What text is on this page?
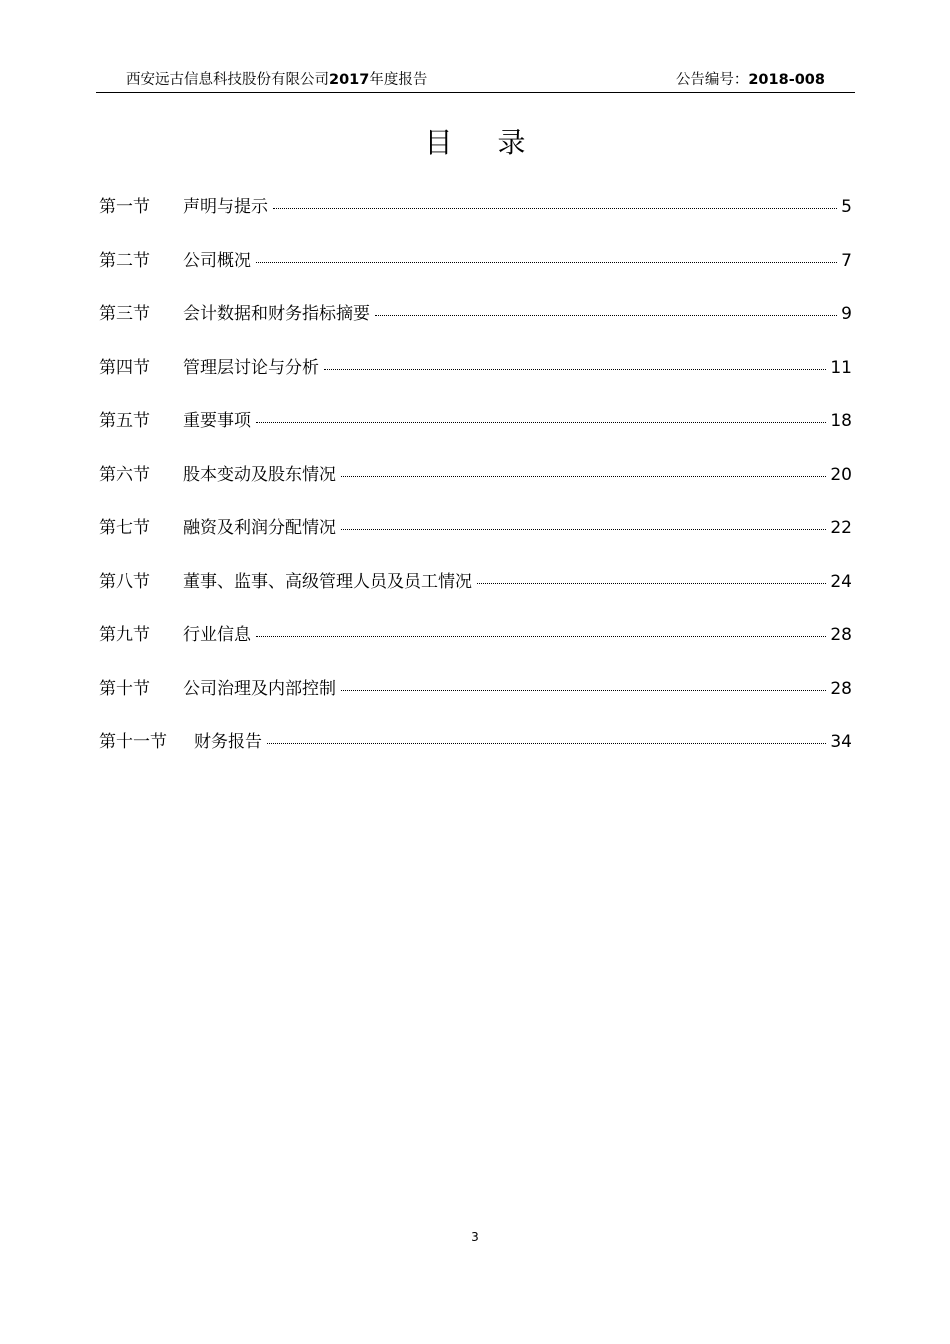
西安远古信息科技股份有限公司2017年度报告	公告编号：2018-008
目 录
第一节	声明与提示	5
第二节	公司概况	7
第三节	会计数据和财务指标摘要	9
第四节	管理层讨论与分析	11
第五节	重要事项	18
第六节	股本变动及股东情况	20
第七节	融资及利润分配情况	22
第八节	董事、监事、高级管理人员及员工情况	24
第九节	行业信息	28
第十节	公司治理及内部控制	28
第十一节	财务报告	34
3
